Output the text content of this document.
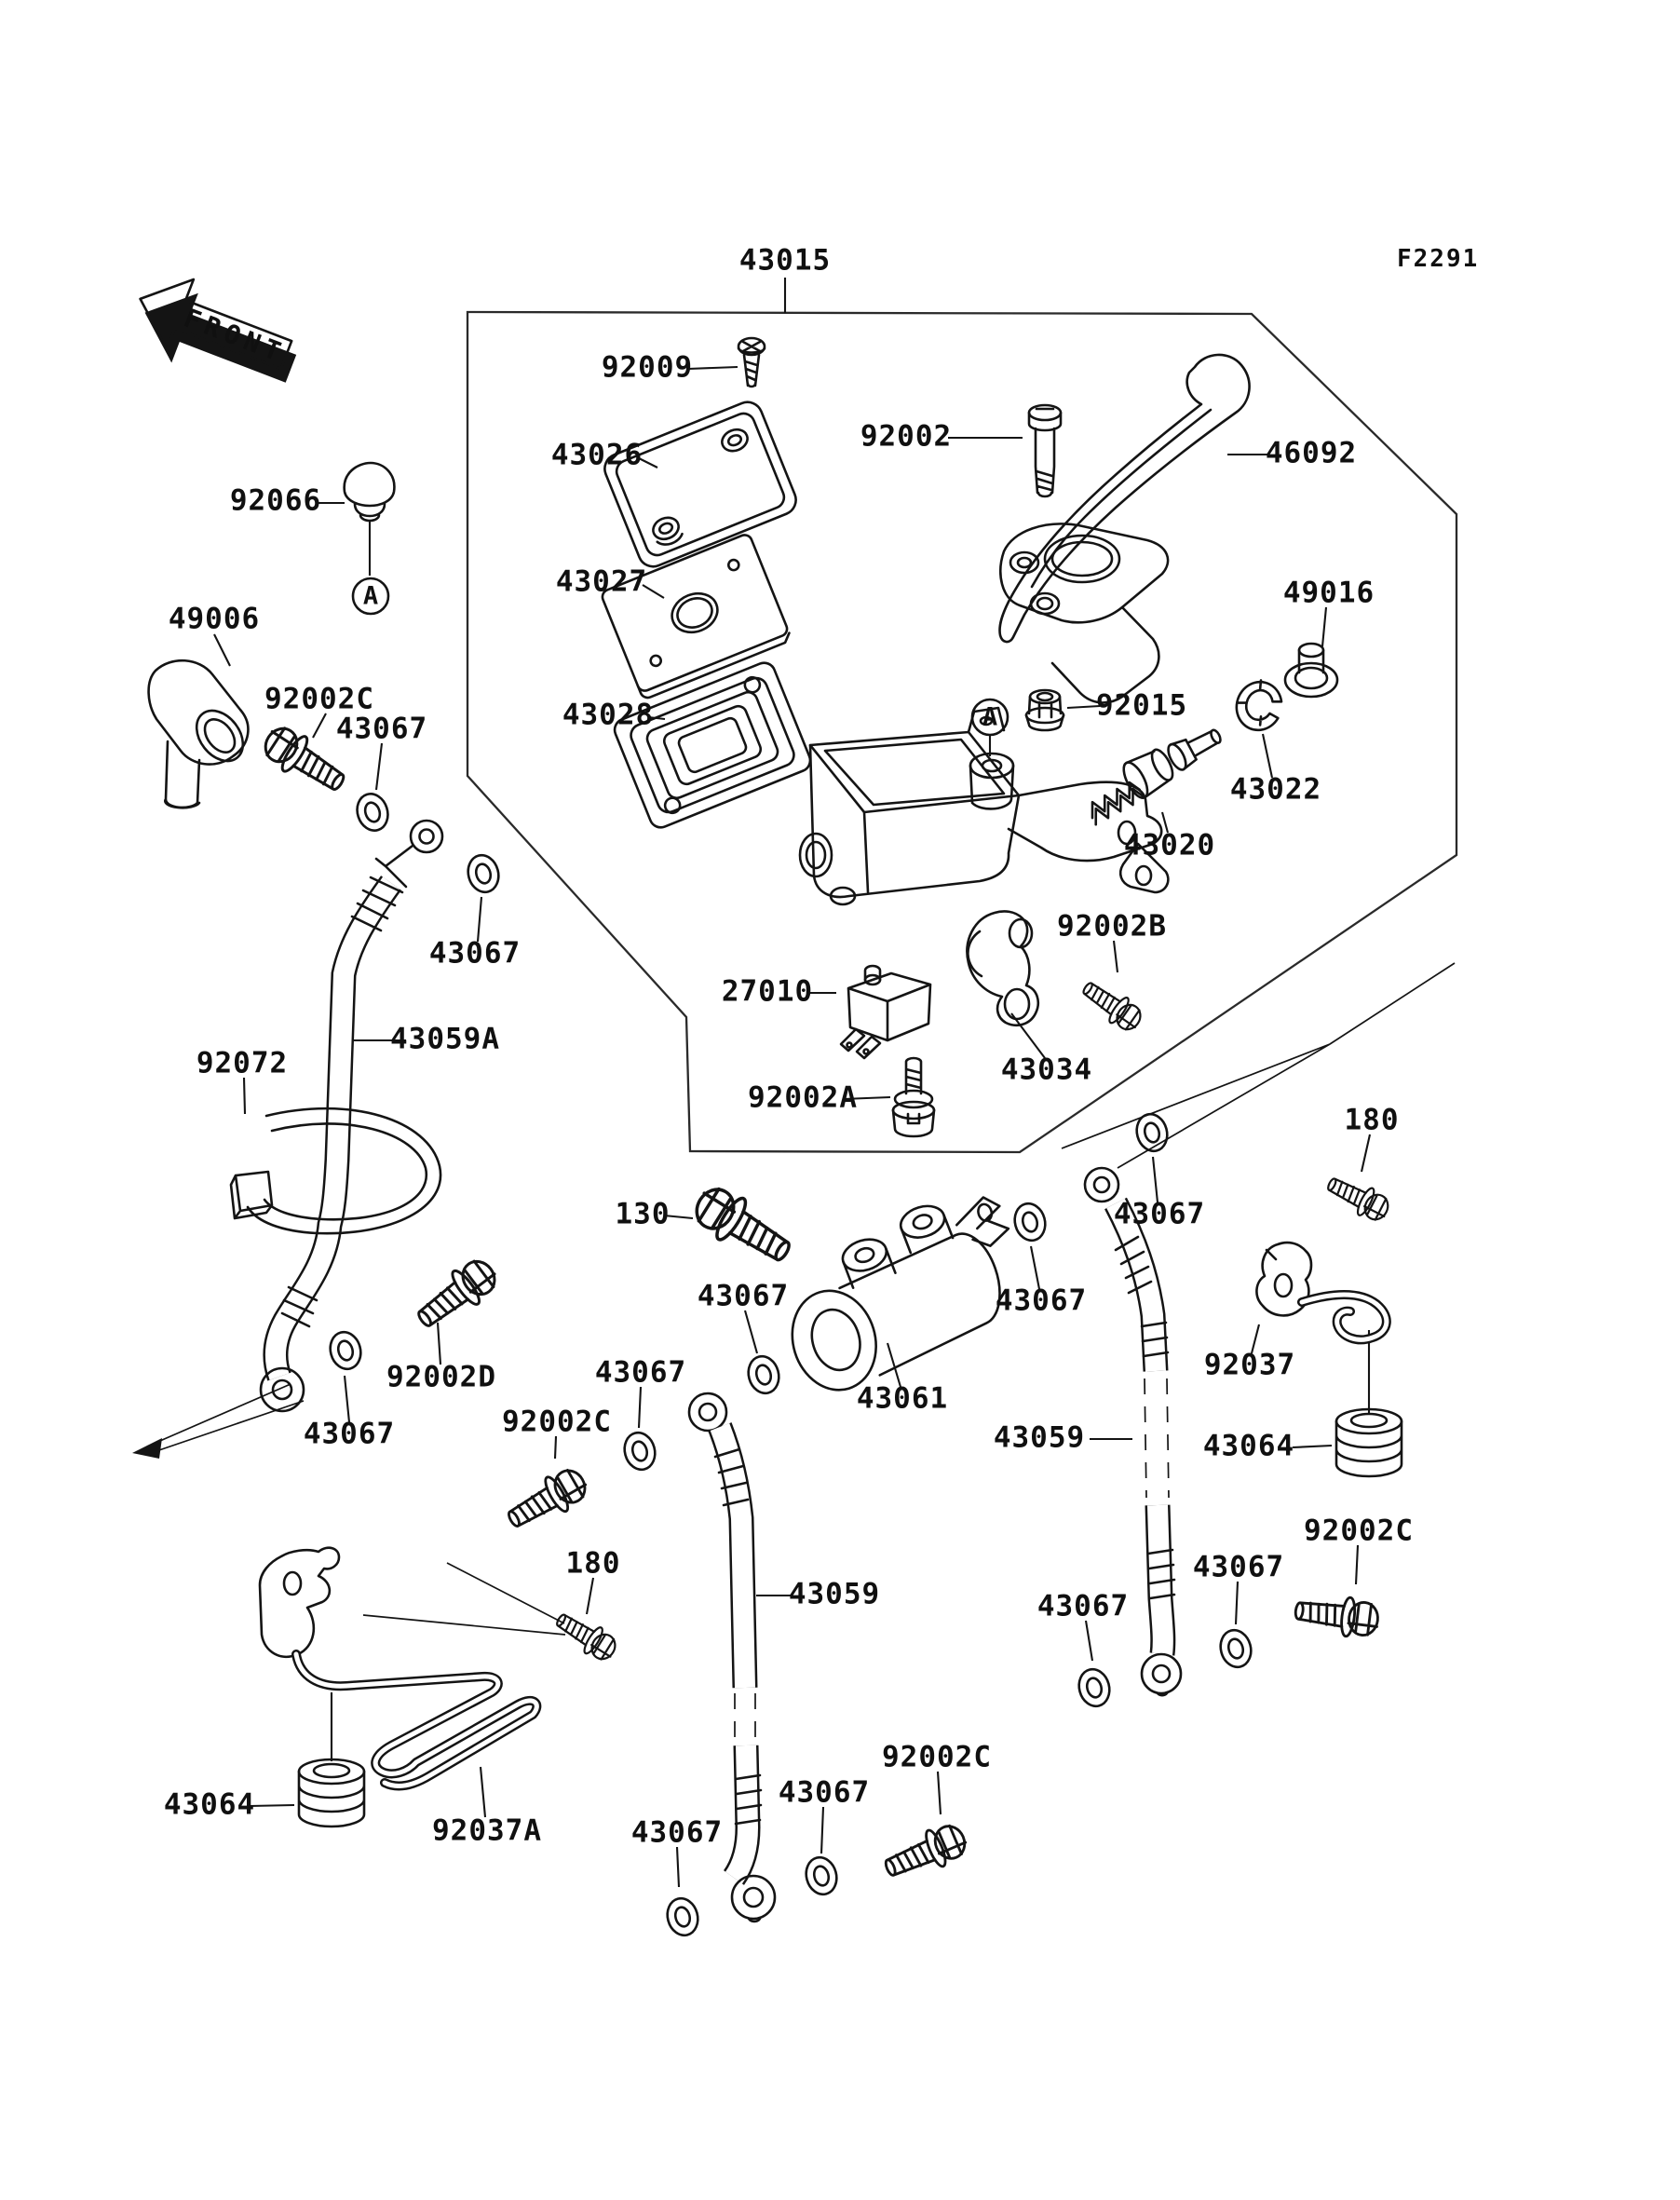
F2291
FRONT
A
A
43015
92009
43026
92002	46092
92066
49016
49006
92002C
43067
43027
92015
43022
43028
43020
27010
92002B
43034
92002A
43067
43059A
92072
43067
130
43067
43061
43067
92002D
43067	92002C	43059	43064
92037
180
43067
180
43059
43064
92037A	43067
43067
92002C
92002C
43067
43067
